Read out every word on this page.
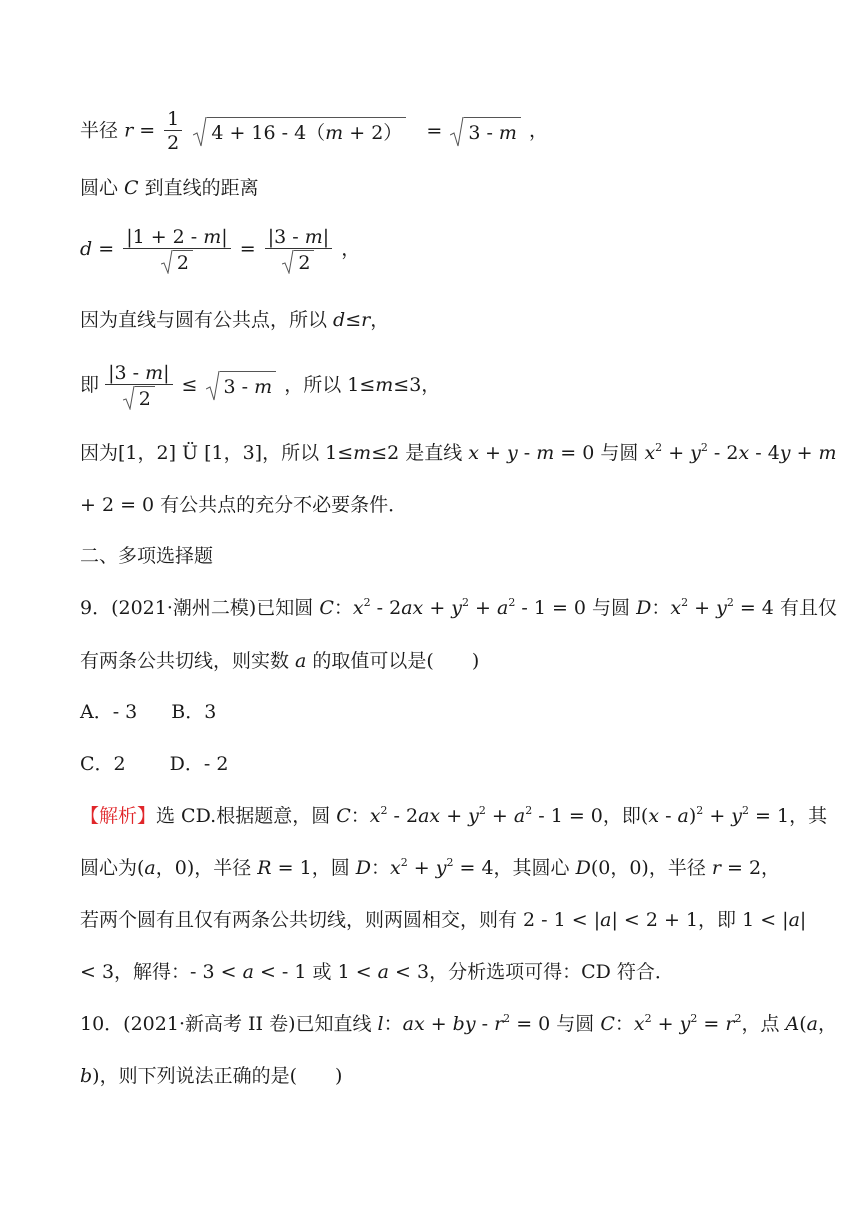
半径 $r = \frac{1}{2}$
4 + 16 - 4（m + 2） = 3 - m ，
圆心 C 到直线的距离
$d = \frac{|1 + 2 - m|}{2} = \frac{|3 - m|}{2}$ ，
因为直线与圆有公共点，所以 d≤r，
即 $\frac{|3 - m|}{2} \le 3 - m$ ，所以 1≤m≤3，
因为[1，2] Ü [1，3]，所以 1≤m≤2 是直线 x + y - m = 0 与圆 $x^2 + y^2 - 2x - 4y + m$
+ 2 = 0 有公共点的充分不必要条件．
二、多项选择题
9．(2021·潮州二模)已知圆 C：$x^2 - 2ax + y^2 + a^2 - 1 = 0$ 与圆 D：$x^2 + y^2 = 4$ 有且仅
有两条公共切线，则实数 a 的取值可以是(　　)
A．- 3 B．3
C．2 D．- 2
【解析】选 CD.根据题意，圆 C：$x^2 - 2ax + y^2 + a^2 - 1 = 0$，即$(x - a)^2 + y^2 = 1$，其
圆心为(a，0)，半径 R = 1，圆 D：$x^2 + y^2 = 4$，其圆心 D(0，0)，半径 r = 2，
若两个圆有且仅有两条公共切线，则两圆相交，则有 2 - 1 < |a| < 2 + 1，即 1 < |a|
< 3，解得：- 3 < a < - 1 或 1 < a < 3，分析选项可得：CD 符合．
10．(2021·新高考 II 卷)已知直线 l：ax + by - $r^2 = 0$ 与圆 C：$x^2 + y^2 = r^2$，点 A(a，
b)，则下列说法正确的是(　　)
